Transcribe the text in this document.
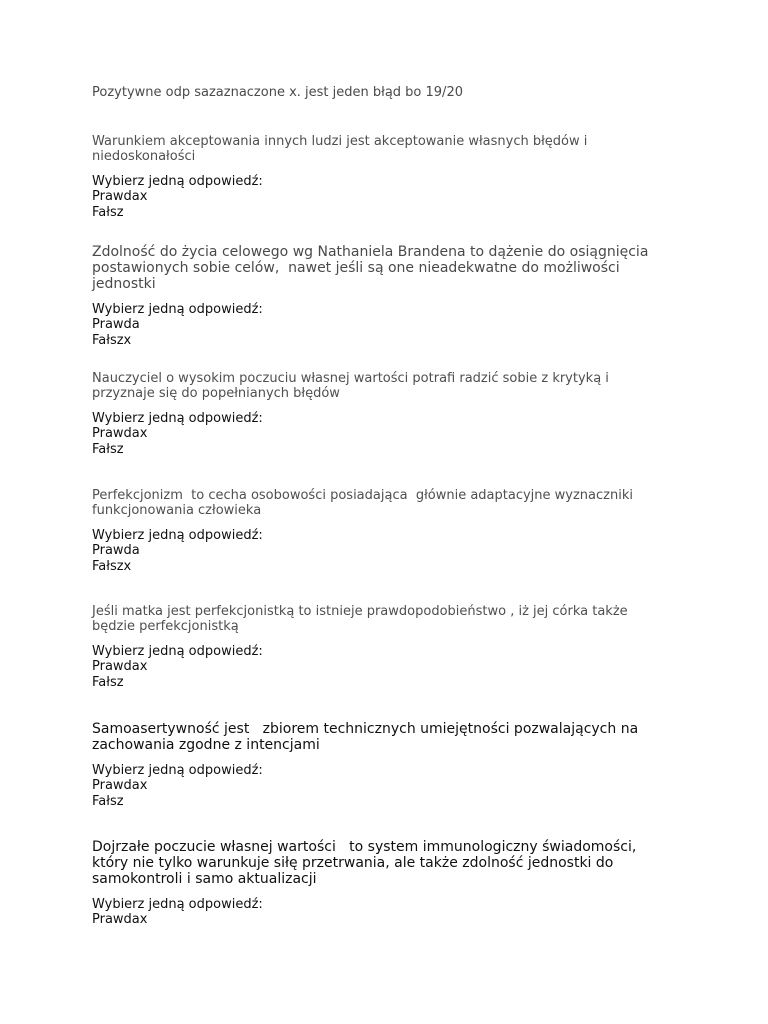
Pozytywne odp sazaznaczone x. jest jeden błąd bo 19/20

Warunkiem akceptowania innych ludzi jest akceptowanie własnych błędów i
niedoskonałości

Wybierz jedną odpowiedź:

Prawdax
Fałsz

Zdolność do życia celowego wg Nathaniela Brandena to dążenie do osiągnięcia
postawionych sobie celów,  nawet jeśli są one nieadekwatne do możliwości
jednostki

Wybierz jedną odpowiedź:

Prawda
Fałszx

Nauczyciel o wysokim poczuciu własnej wartości potrafi radzić sobie z krytyką i
przyznaje się do popełnianych błędów

Wybierz jedną odpowiedź:

Prawdax
Fałsz

Perfekcjonizm  to cecha osobowości posiadająca  głównie adaptacyjne wyznaczniki
funkcjonowania człowieka

Wybierz jedną odpowiedź:

Prawda
Fałszx

Jeśli matka jest perfekcjonistką to istnieje prawdopodobieństwo , iż jej córka także
będzie perfekcjonistką

Wybierz jedną odpowiedź:

Prawdax
Fałsz

Samoasertywność jest   zbiorem technicznych umiejętności pozwalających na
zachowania zgodne z intencjami

Wybierz jedną odpowiedź:

Prawdax
Fałsz

Dojrzałe poczucie własnej wartości   to system immunologiczny świadomości,
który nie tylko warunkuje siłę przetrwania, ale także zdolność jednostki do
samokontroli i samo aktualizacji

Wybierz jedną odpowiedź:

Prawdax
